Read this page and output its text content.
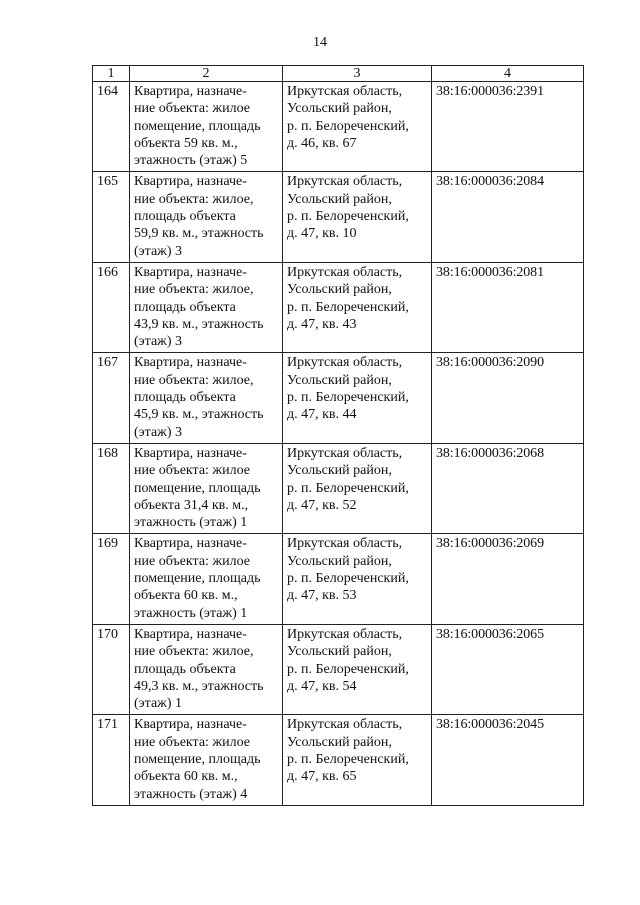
14
1	2	3	4
164	Квартира, назначе-
ние объекта: жилое
помещение, площадь
объекта 59 кв. м.,
этажность (этаж) 5	Иркутская область,
Усольский район,
р. п. Белореченский,
д. 46, кв. 67	38:16:000036:2391
165	Квартира, назначе-
ние объекта: жилое,
площадь объекта
59,9 кв. м., этажность
(этаж) 3	Иркутская область,
Усольский район,
р. п. Белореченский,
д. 47, кв. 10	38:16:000036:2084
166	Квартира, назначе-
ние объекта: жилое,
площадь объекта
43,9 кв. м., этажность
(этаж) 3	Иркутская область,
Усольский район,
р. п. Белореченский,
д. 47, кв. 43	38:16:000036:2081
167	Квартира, назначе-
ние объекта: жилое,
площадь объекта
45,9 кв. м., этажность
(этаж) 3	Иркутская область,
Усольский район,
р. п. Белореченский,
д. 47, кв. 44	38:16:000036:2090
168	Квартира, назначе-
ние объекта: жилое
помещение, площадь
объекта 31,4 кв. м.,
этажность (этаж) 1	Иркутская область,
Усольский район,
р. п. Белореченский,
д. 47, кв. 52	38:16:000036:2068
169	Квартира, назначе-
ние объекта: жилое
помещение, площадь
объекта 60 кв. м.,
этажность (этаж) 1	Иркутская область,
Усольский район,
р. п. Белореченский,
д. 47, кв. 53	38:16:000036:2069
170	Квартира, назначе-
ние объекта: жилое,
площадь объекта
49,3 кв. м., этажность
(этаж) 1	Иркутская область,
Усольский район,
р. п. Белореченский,
д. 47, кв. 54	38:16:000036:2065
171	Квартира, назначе-
ние объекта: жилое
помещение, площадь
объекта 60 кв. м.,
этажность (этаж) 4	Иркутская область,
Усольский район,
р. п. Белореченский,
д. 47, кв. 65	38:16:000036:2045
